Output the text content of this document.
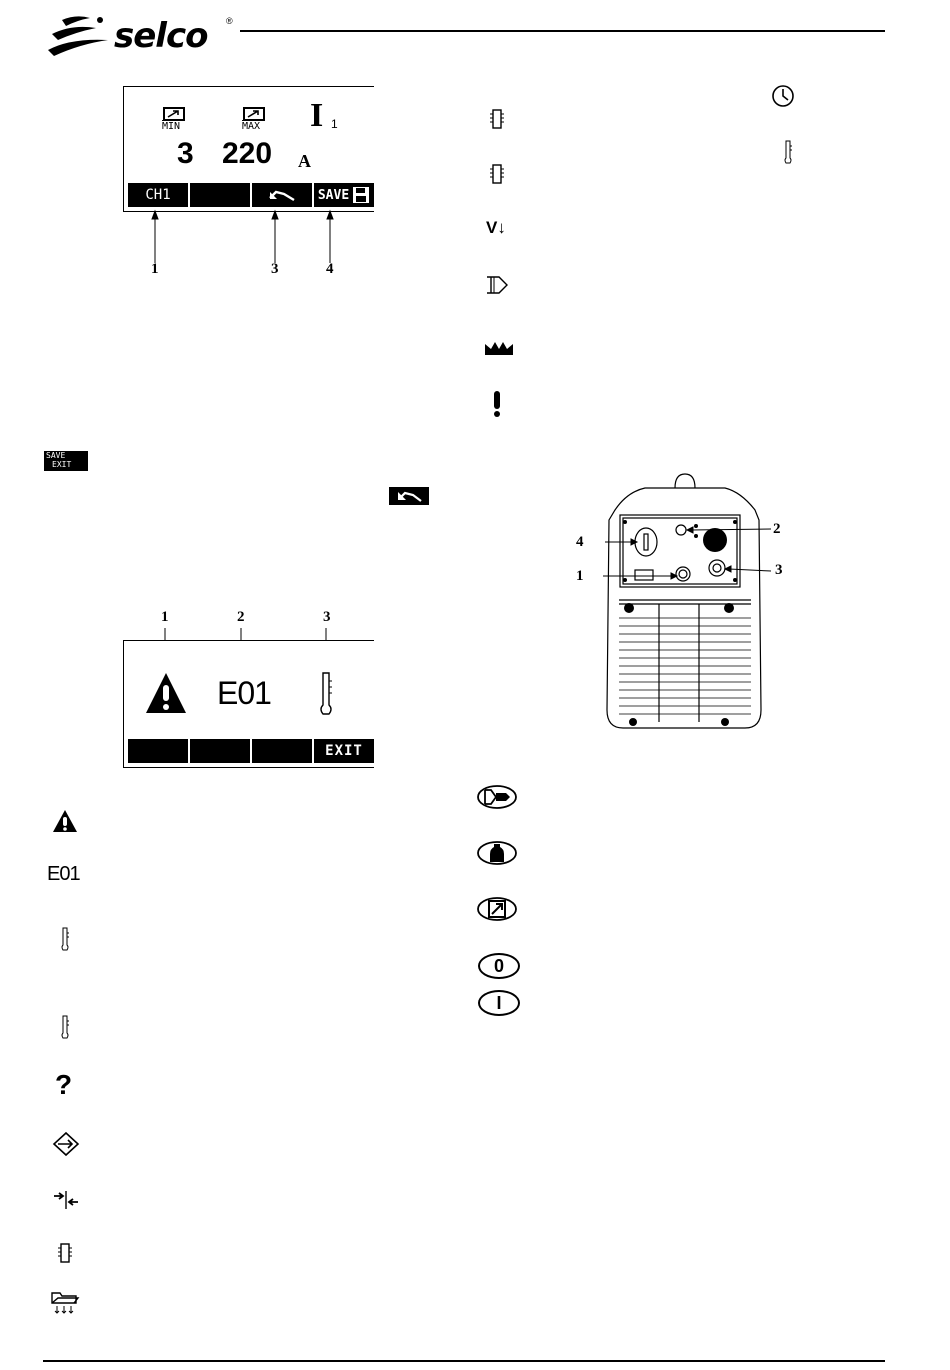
selco ®
$\overline{MIN}$	$\overline{MAX}$ I 1
3 220 A
CH1	SAVE
1	3	4
SAVE
EXIT
1	2	3
E01
EXIT
E01
?
V↓
2
4
1	3
0
I
